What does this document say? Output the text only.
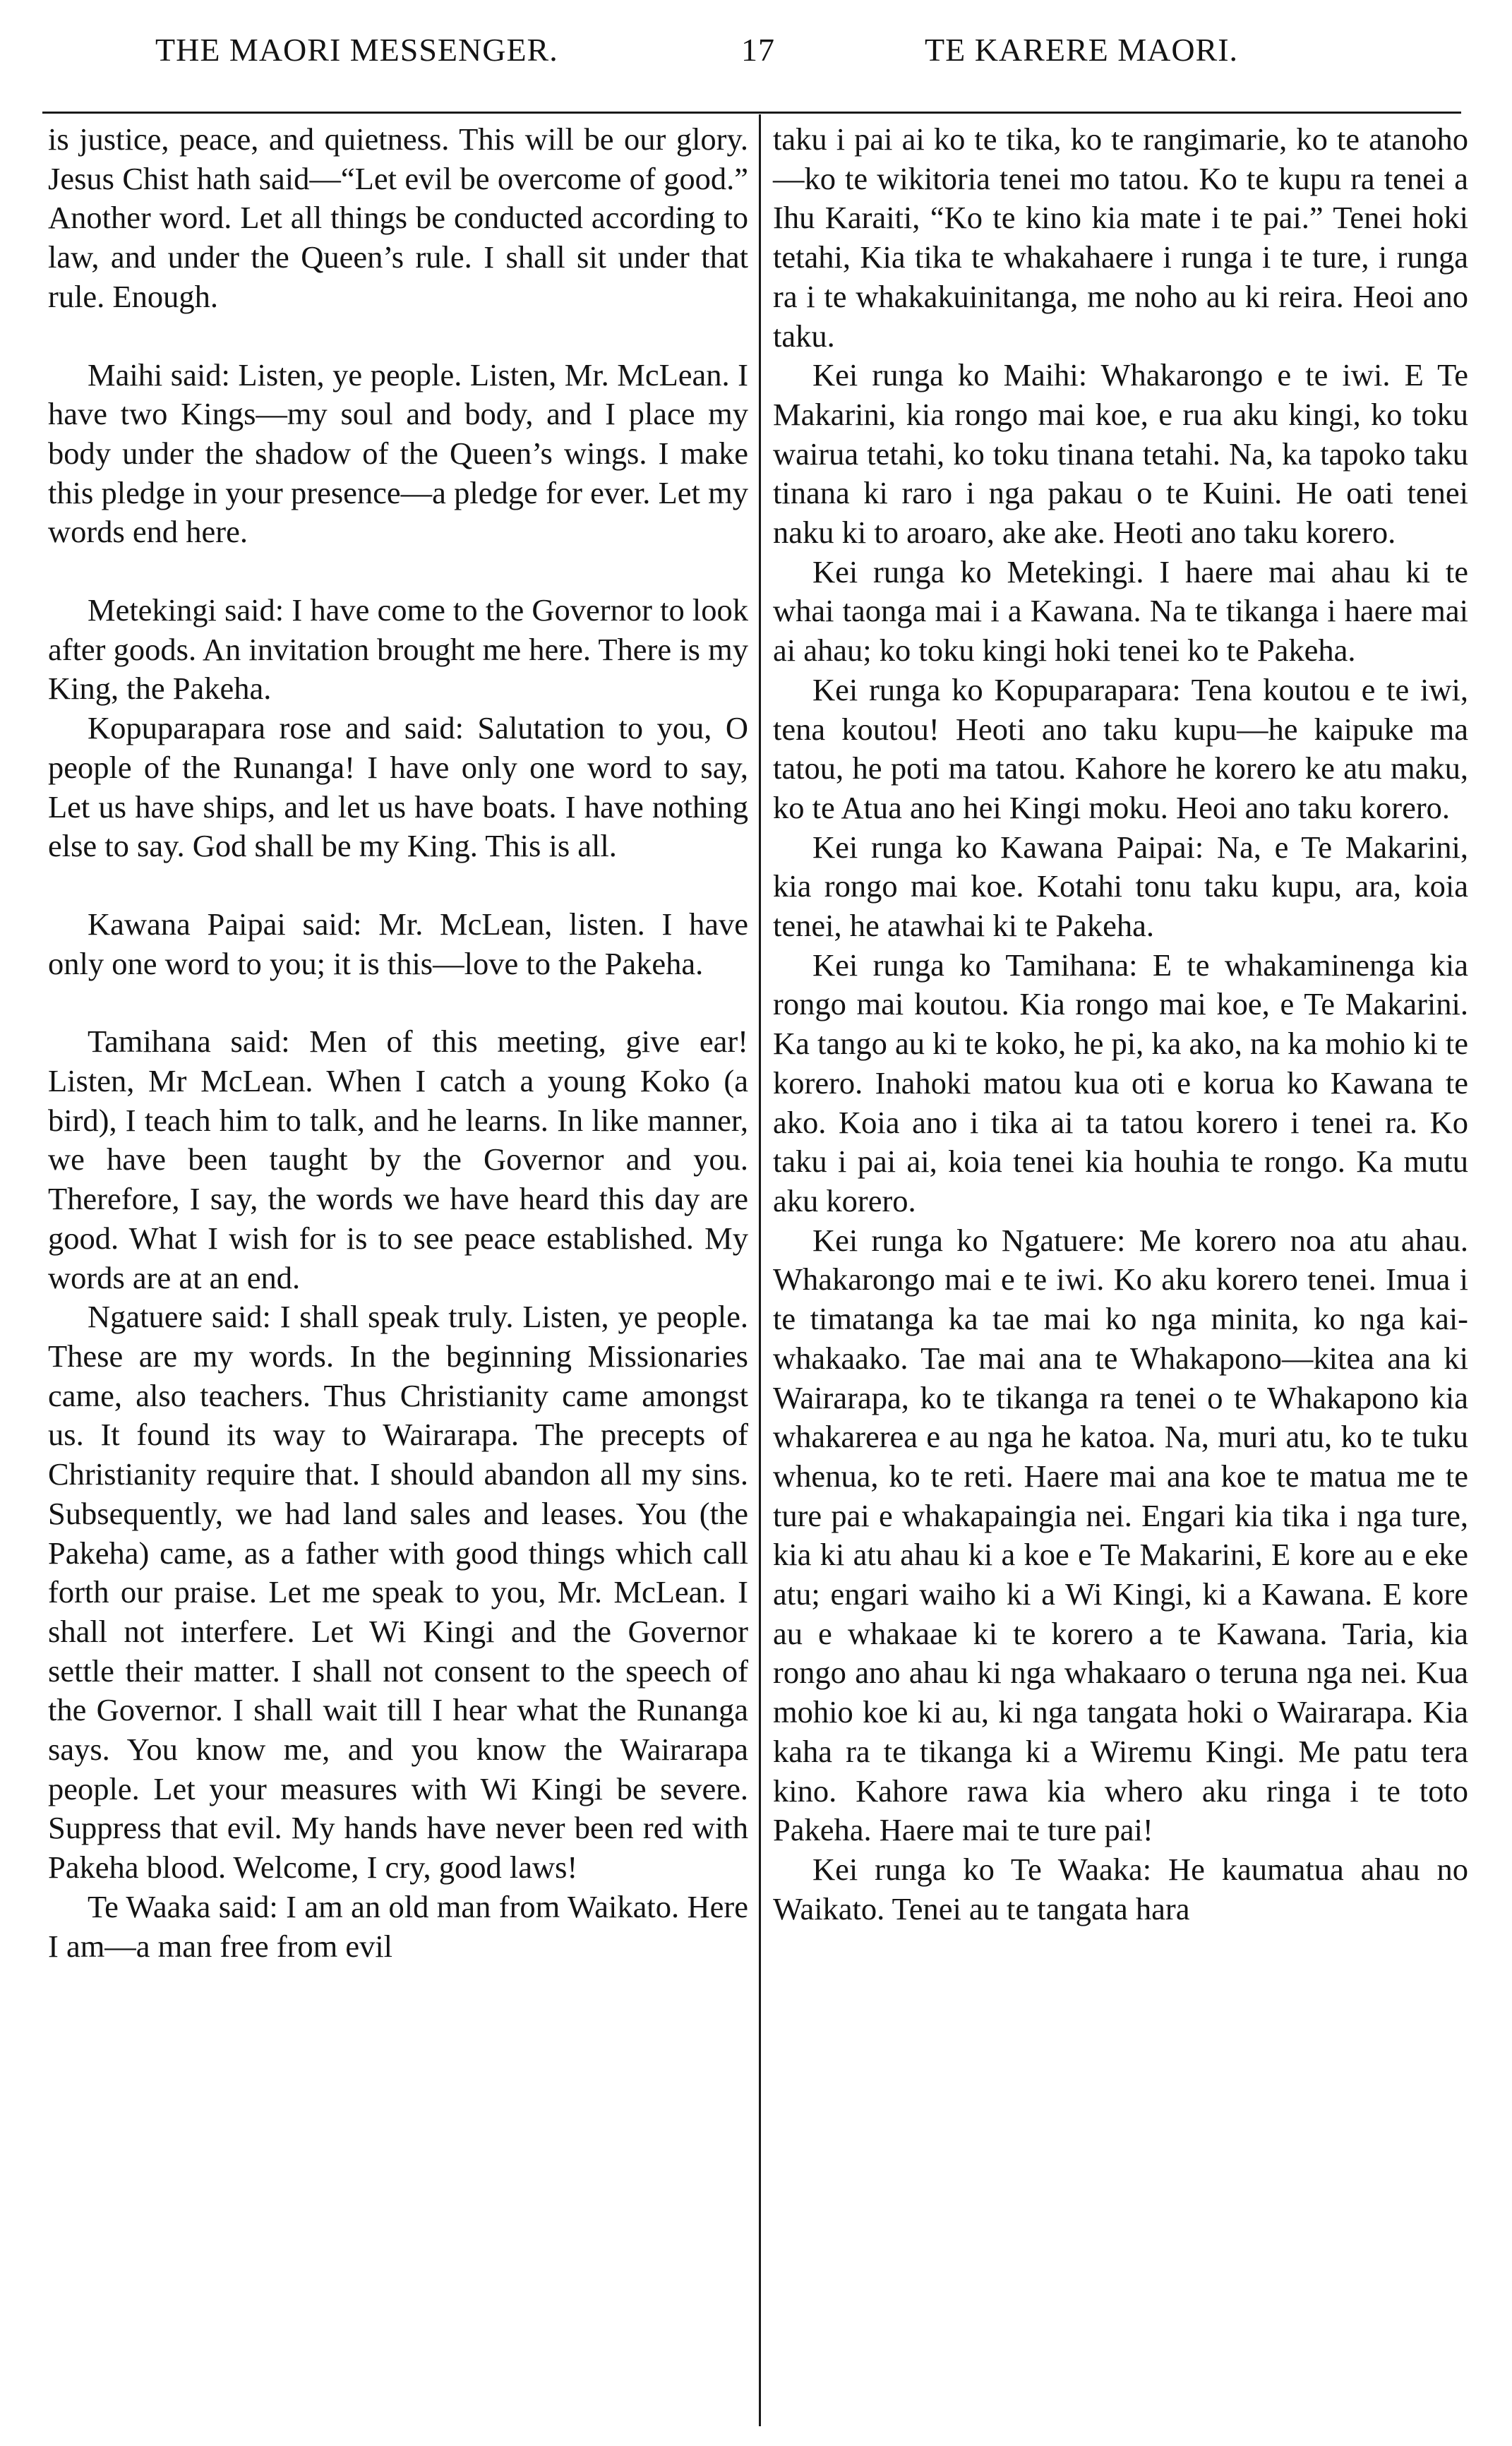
THE MAORI MESSENGER.	17	TE KARERE MAORI.

is justice, peace, and quietness. This will be our glory. Jesus Chist hath said—“Let evil be overcome of good.” Another word. Let all things be conducted according to law, and under the Queen’s rule. I shall sit under that rule. Enough.

Maihi said: Listen, ye people. Listen, Mr. McLean. I have two Kings—my soul and body, and I place my body under the shadow of the Queen’s wings. I make this pledge in your presence—a pledge for ever. Let my words end here.

Metekingi said: I have come to the Governor to look after goods. An invitation brought me here. There is my King, the Pakeha.

Kopuparapara rose and said: Salutation to you, O people of the Runanga! I have only one word to say, Let us have ships, and let us have boats. I have nothing else to say. God shall be my King. This is all.

Kawana Paipai said: Mr. McLean, listen. I have only one word to you; it is this—love to the Pakeha.

Tamihana said: Men of this meeting, give ear! Listen, Mr McLean. When I catch a young Koko (a bird), I teach him to talk, and he learns. In like manner, we have been taught by the Governor and you. Therefore, I say, the words we have heard this day are good. What I wish for is to see peace established. My words are at an end.

Ngatuere said: I shall speak truly. Listen, ye people. These are my words. In the beginning Missionaries came, also teachers. Thus Christianity came amongst us. It found its way to Wairarapa. The precepts of Christianity require that. I should abandon all my sins. Subsequently, we had land sales and leases. You (the Pakeha) came, as a father with good things which call forth our praise. Let me speak to you, Mr. McLean. I shall not interfere. Let Wi Kingi and the Governor settle their matter. I shall not consent to the speech of the Governor. I shall wait till I hear what the Runanga says. You know me, and you know the Wairarapa people. Let your measures with Wi Kingi be severe. Suppress that evil. My hands have never been red with Pakeha blood. Welcome, I cry, good laws!

Te Waaka said: I am an old man from Waikato. Here I am—a man free from evil

taku i pai ai ko te tika, ko te rangimarie, ko te atanoho—ko te wikitoria tenei mo tatou. Ko te kupu ra tenei a Ihu Karaiti, “Ko te kino kia mate i te pai.” Tenei hoki tetahi, Kia tika te whakahaere i runga i te ture, i runga ra i te whakakuinitanga, me noho au ki reira. Heoi ano taku.

Kei runga ko Maihi: Whakarongo e te iwi. E Te Makarini, kia rongo mai koe, e rua aku kingi, ko toku wairua tetahi, ko toku tinana tetahi. Na, ka tapoko taku tinana ki raro i nga pakau o te Kuini. He oati tenei naku ki to aroaro, ake ake. Heoti ano taku korero.

Kei runga ko Metekingi. I haere mai ahau ki te whai taonga mai i a Kawana. Na te tikanga i haere mai ai ahau; ko toku kingi hoki tenei ko te Pakeha.

Kei runga ko Kopuparapara: Tena koutou e te iwi, tena koutou! Heoti ano taku kupu—he kaipuke ma tatou, he poti ma tatou. Kahore he korero ke atu maku, ko te Atua ano hei Kingi moku. Heoi ano taku korero.

Kei runga ko Kawana Paipai: Na, e Te Makarini, kia rongo mai koe. Kotahi tonu taku kupu, ara, koia tenei, he atawhai ki te Pakeha.

Kei runga ko Tamihana: E te whakaminenga kia rongo mai koutou. Kia rongo mai koe, e Te Makarini. Ka tango au ki te koko, he pi, ka ako, na ka mohio ki te korero. Inahoki matou kua oti e korua ko Kawana te ako. Koia ano i tika ai ta tatou korero i tenei ra. Ko taku i pai ai, koia tenei kia houhia te rongo. Ka mutu aku korero.

Kei runga ko Ngatuere: Me korero noa atu ahau. Whakarongo mai e te iwi. Ko aku korero tenei. Imua i te timatanga ka tae mai ko nga minita, ko nga kai-whakaako. Tae mai ana te Whakapono—kitea ana ki Wairarapa, ko te tikanga ra tenei o te Whakapono kia whakarerea e au nga he katoa. Na, muri atu, ko te tuku whenua, ko te reti. Haere mai ana koe te matua me te ture pai e whakapaingia nei. Engari kia tika i nga ture, kia ki atu ahau ki a koe e Te Makarini, E kore au e eke atu; engari waiho ki a Wi Kingi, ki a Kawana. E kore au e whakaae ki te korero a te Kawana. Taria, kia rongo ano ahau ki nga whakaaro o teruna nga nei. Kua mohio koe ki au, ki nga tangata hoki o Wairarapa. Kia kaha ra te tikanga ki a Wiremu Kingi. Me patu tera kino. Kahore rawa kia whero aku ringa i te toto Pakeha. Haere mai te ture pai!

Kei runga ko Te Waaka: He kaumatua ahau no Waikato. Tenei au te tangata hara
